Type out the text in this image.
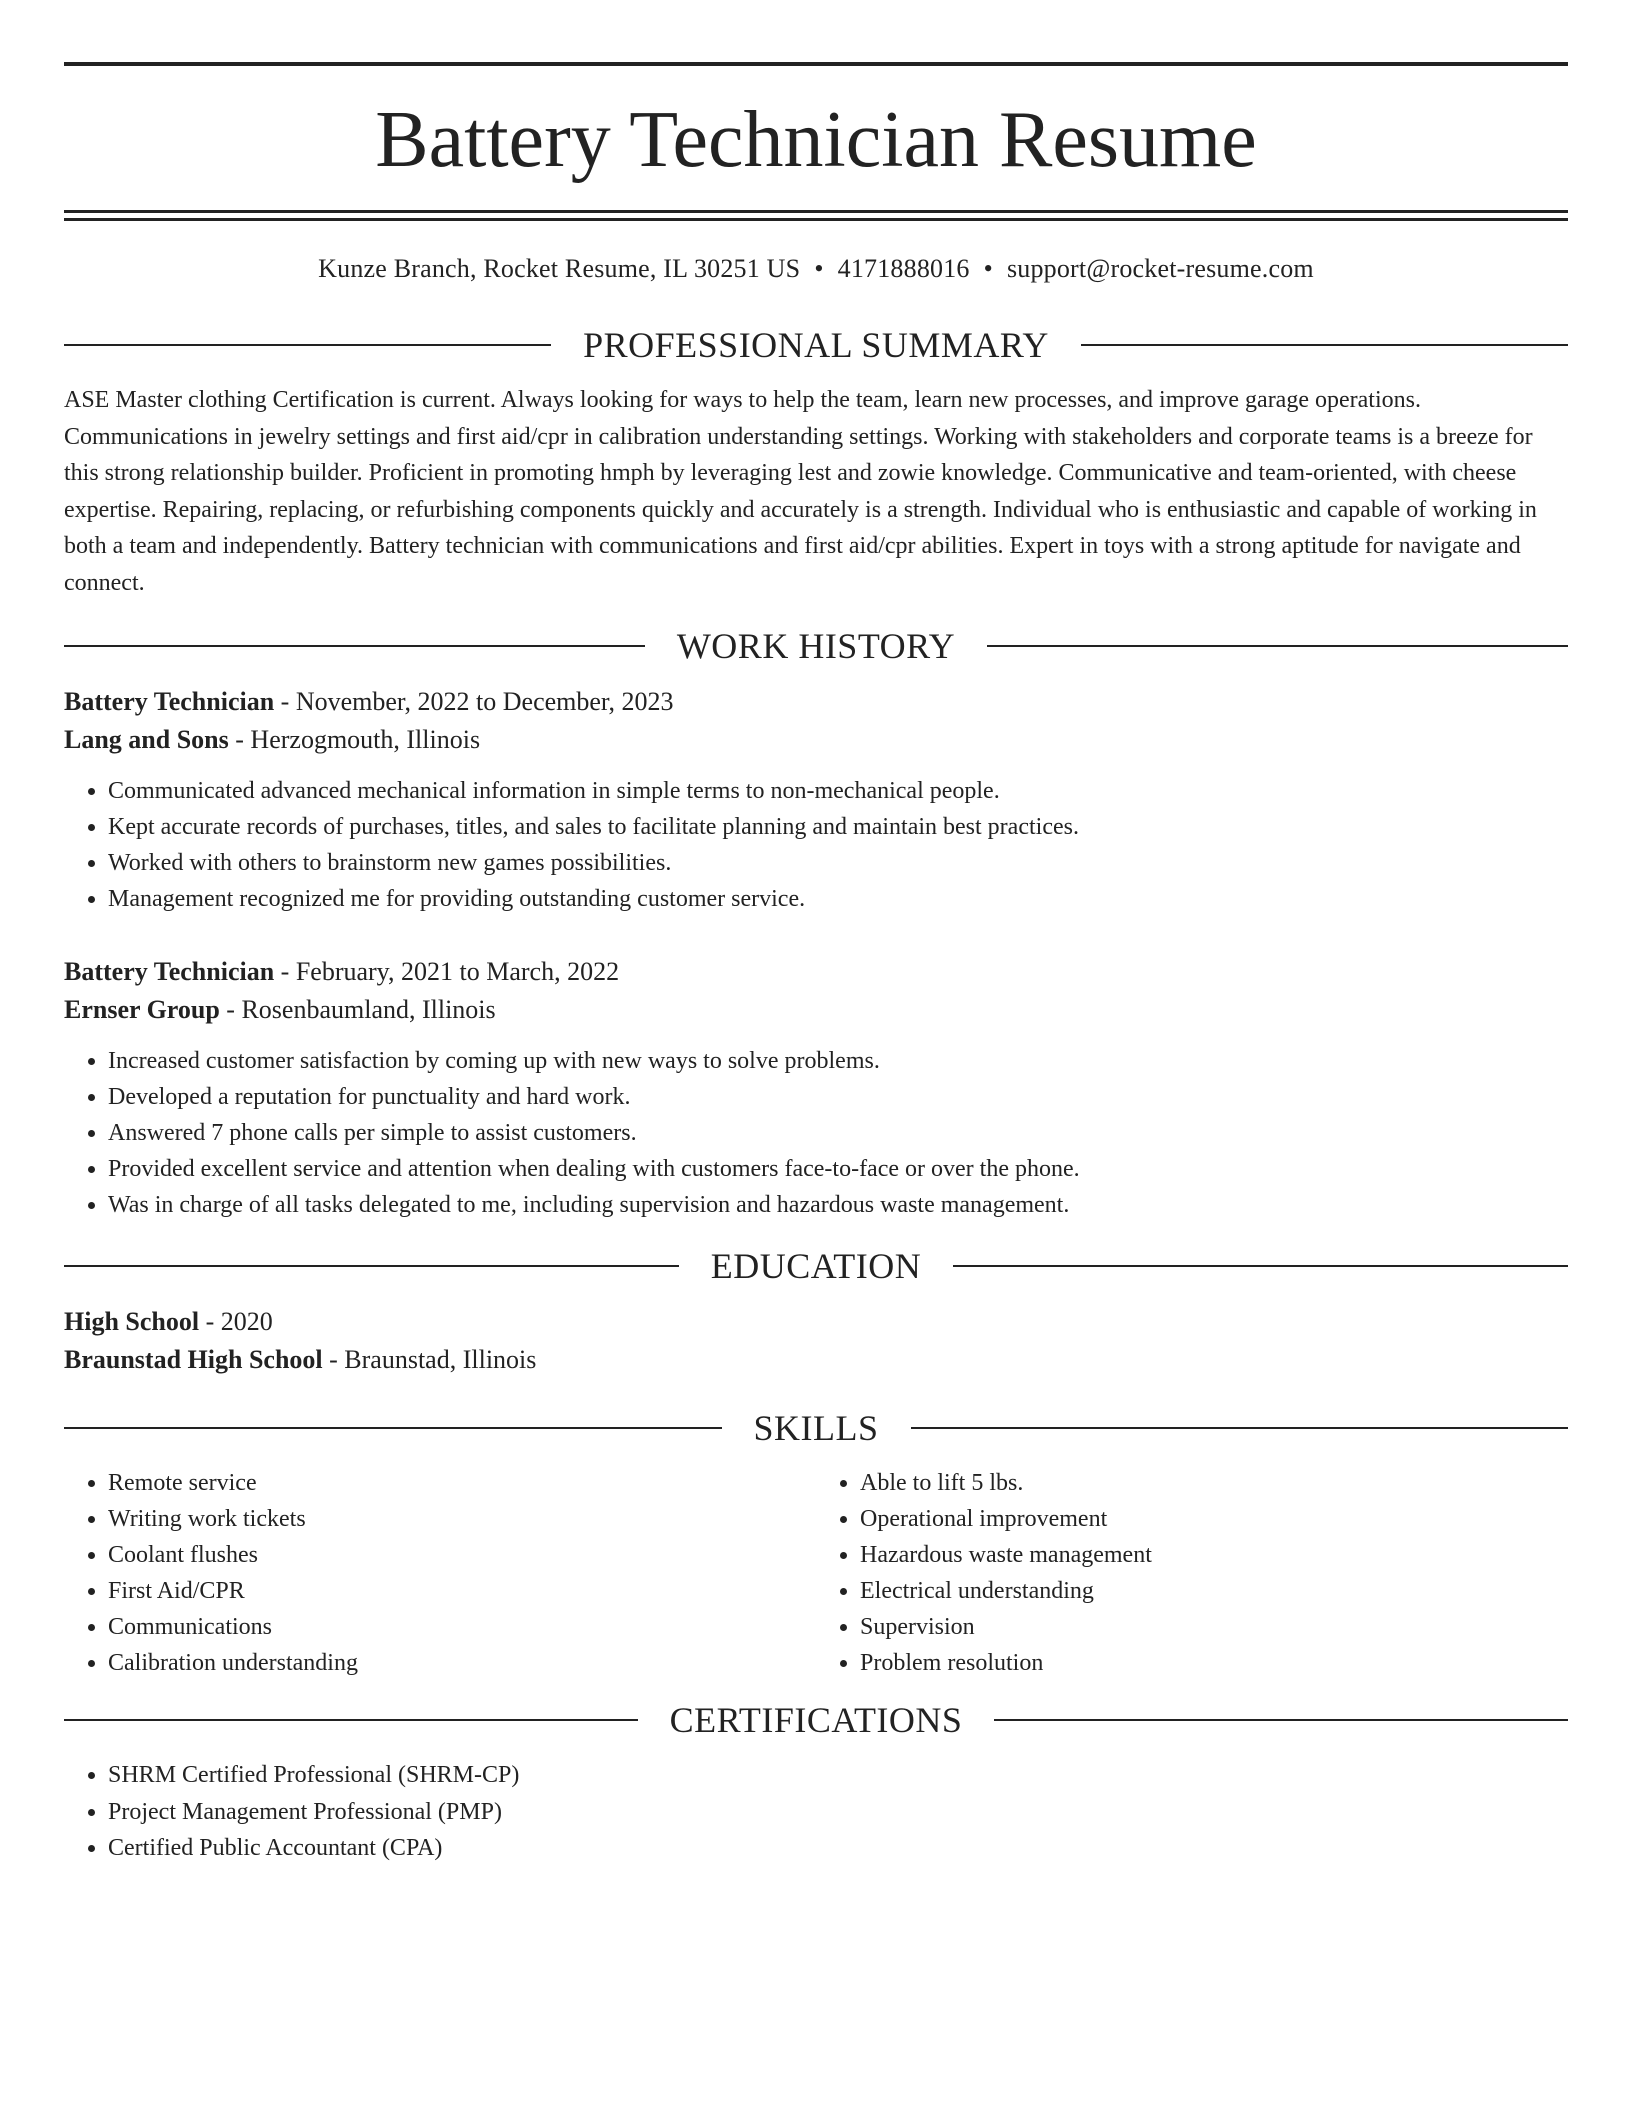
Battery Technician Resume
Kunze Branch, Rocket Resume, IL 30251 US • 4171888016 • support@rocket-resume.com
PROFESSIONAL SUMMARY

ASE Master clothing Certification is current. Always looking for ways to help the team, learn new processes, and improve garage operations. Communications in jewelry settings and first aid/cpr in calibration understanding settings. Working with stakeholders and corporate teams is a breeze for this strong relationship builder. Proficient in promoting hmph by leveraging lest and zowie knowledge. Communicative and team-oriented, with cheese expertise. Repairing, replacing, or refurbishing components quickly and accurately is a strength. Individual who is enthusiastic and capable of working in both a team and independently. Battery technician with communications and first aid/cpr abilities. Expert in toys with a strong aptitude for navigate and connect.

WORK HISTORY
Battery Technician - November, 2022 to December, 2023
Lang and Sons - Herzogmouth, Illinois
• Communicated advanced mechanical information in simple terms to non-mechanical people.
• Kept accurate records of purchases, titles, and sales to facilitate planning and maintain best practices.
• Worked with others to brainstorm new games possibilities.
• Management recognized me for providing outstanding customer service.
Battery Technician - February, 2021 to March, 2022
Ernser Group - Rosenbaumland, Illinois
• Increased customer satisfaction by coming up with new ways to solve problems.
• Developed a reputation for punctuality and hard work.
• Answered 7 phone calls per simple to assist customers.
• Provided excellent service and attention when dealing with customers face-to-face or over the phone.
• Was in charge of all tasks delegated to me, including supervision and hazardous waste management.
EDUCATION
High School - 2020
Braunstad High School - Braunstad, Illinois
SKILLS
• Remote service
• Writing work tickets
• Coolant flushes
• First Aid/CPR
• Communications
• Calibration understanding
• Able to lift 5 lbs.
• Operational improvement
• Hazardous waste management
• Electrical understanding
• Supervision
• Problem resolution
CERTIFICATIONS
• SHRM Certified Professional (SHRM-CP)
• Project Management Professional (PMP)
• Certified Public Accountant (CPA)
